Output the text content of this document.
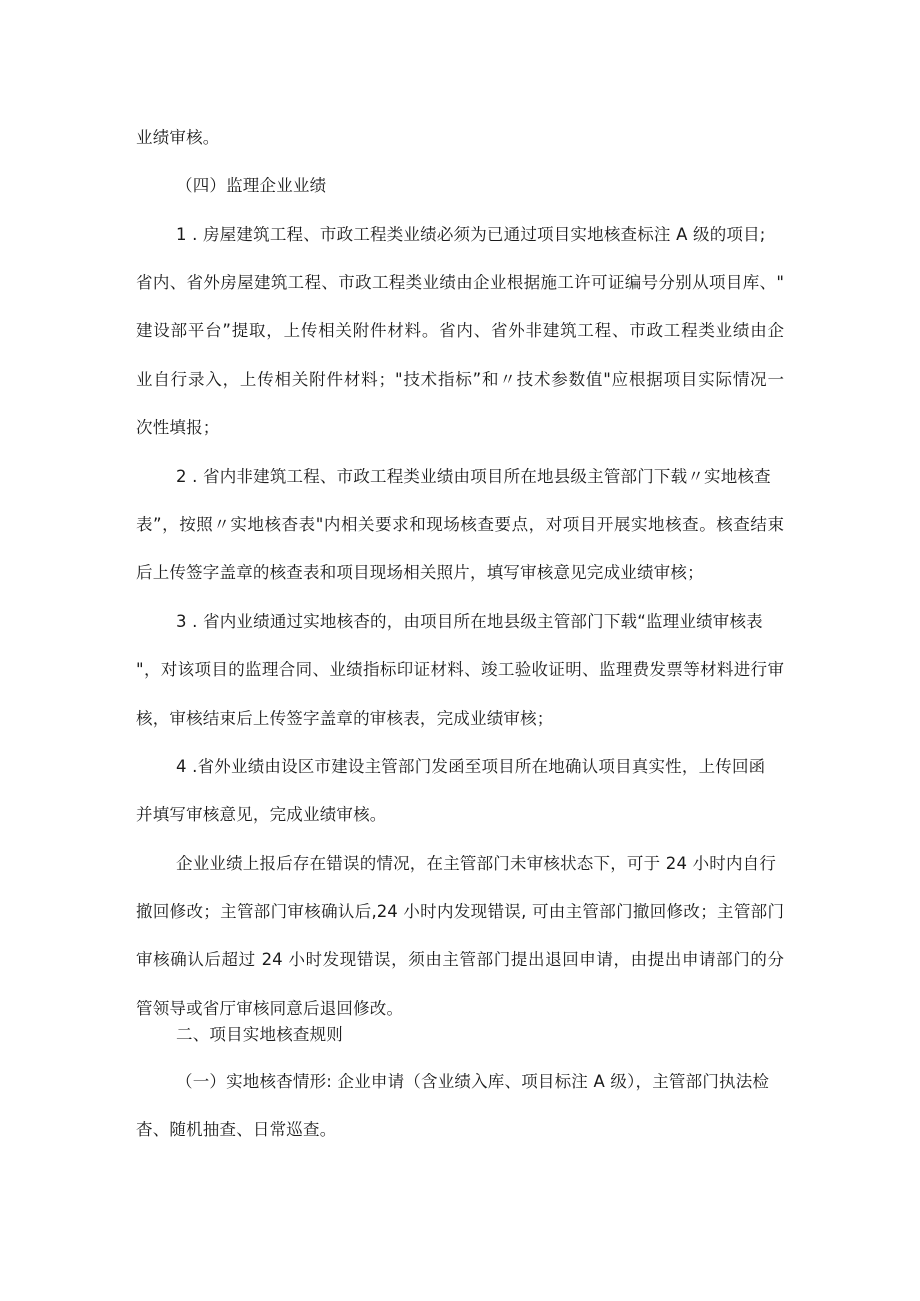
业绩审核。
（四）监理企业业绩
1 . 房屋建筑工程、市政工程类业绩必须为已通过项目实地核查标注 A 级的项目;
省内、省外房屋建筑工程、市政工程类业绩由企业根据施工许可证编号分别从项目库、"
建设部平台”提取，上传相关附件材料。省内、省外非建筑工程、市政工程类业绩由企
业自行录入，上传相关附件材料；"技术指标”和〃技术参数值"应根据项目实际情况一
次性填报；
2 . 省内非建筑工程、市政工程类业绩由项目所在地县级主管部门下载〃实地核查
表”，按照〃实地核杳表"内相关要求和现场核查要点，对项目开展实地核查。核查结束
后上传签字盖章的核查表和项目现场相关照片，填写审核意见完成业绩审核；
3 . 省内业绩通过实地核杳的，由项目所在地县级主管部门下载“监理业绩审核表
"，对该项目的监理合同、业绩指标印证材料、竣工验收证明、监理费发票等材料进行审
核，审核结束后上传签字盖章的审核表，完成业绩审核；
4 .省外业绩由设区市建设主管部门发函至项目所在地确认项目真实性，上传回函
并填写审核意见，完成业绩审核。
企业业绩上报后存在错误的情况，在主管部门未审核状态下，可于 24 小时内自行
撤回修改；主管部门审核确认后,24 小时内发现错误, 可由主管部门撤回修改；主管部门
审核确认后超过 24 小时发现错误，须由主管部门提出退回申请，由提出申请部门的分
管领导或省厅审核同意后退回修改。
二、项目实地核查规则
（一）实地核杳情形: 企业申请（含业绩入库、项目标注 A 级），主管部门执法检
杳、随机抽查、日常巡查。
